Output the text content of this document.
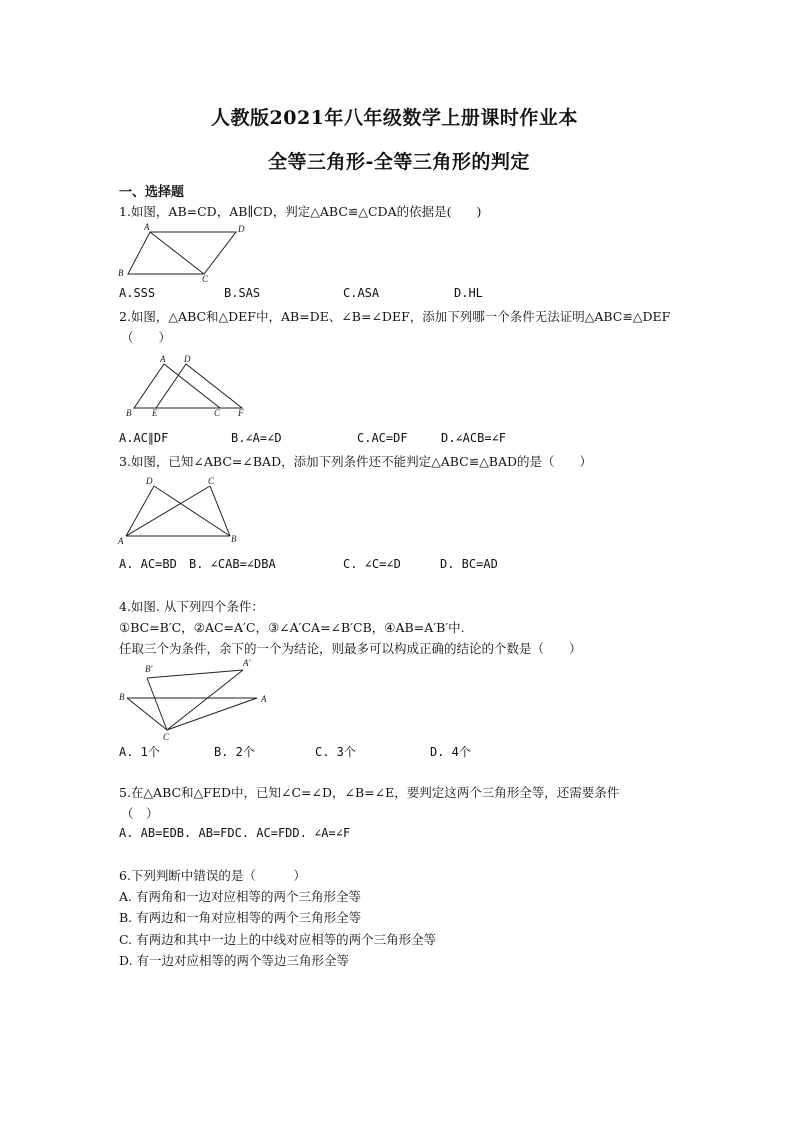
人教版2021年八年级数学上册课时作业本
全等三角形-全等三角形的判定
一、选择题
1.如图，AB=CD，AB∥CD，判定△ABC≌△CDA的依据是(　　)
A	D
B
C
A.SSS	B.SAS	C.ASA	D.HL
2.如图，△ABC和△DEF中，AB=DE、∠B=∠DEF，添加下列哪一个条件无法证明△ABC≌△DEF
（　　）
A D
B E	C F
A.AC∥DF	B.∠A=∠D	C.AC=DF	D.∠ACB=∠F
3.如图，已知∠ABC=∠BAD，添加下列条件还不能判定△ABC≌△BAD的是（　　）
D	C
A	B
A. AC=BD B. ∠CAB=∠DBA	C. ∠C=∠D	D. BC=AD
4.如图. 从下列四个条件：
①BC=B′C，②AC=A′C，③∠A′CA=∠B′CB，④AB=A′B′中.
任取三个为条件，余下的一个为结论，则最多可以构成正确的结论的个数是（　　）
A′
B′
B	A
C
A. 1个	B. 2个	C. 3个	D. 4个
5.在△ABC和△FED中，已知∠C=∠D，∠B=∠E，要判定这两个三角形全等，还需要条件
（　）
A. AB=EDB. AB=FDC. AC=FDD. ∠A=∠F
6.下列判断中错误的是（　　　）
A. 有两角和一边对应相等的两个三角形全等
B. 有两边和一角对应相等的两个三角形全等
C. 有两边和其中一边上的中线对应相等的两个三角形全等
D. 有一边对应相等的两个等边三角形全等
